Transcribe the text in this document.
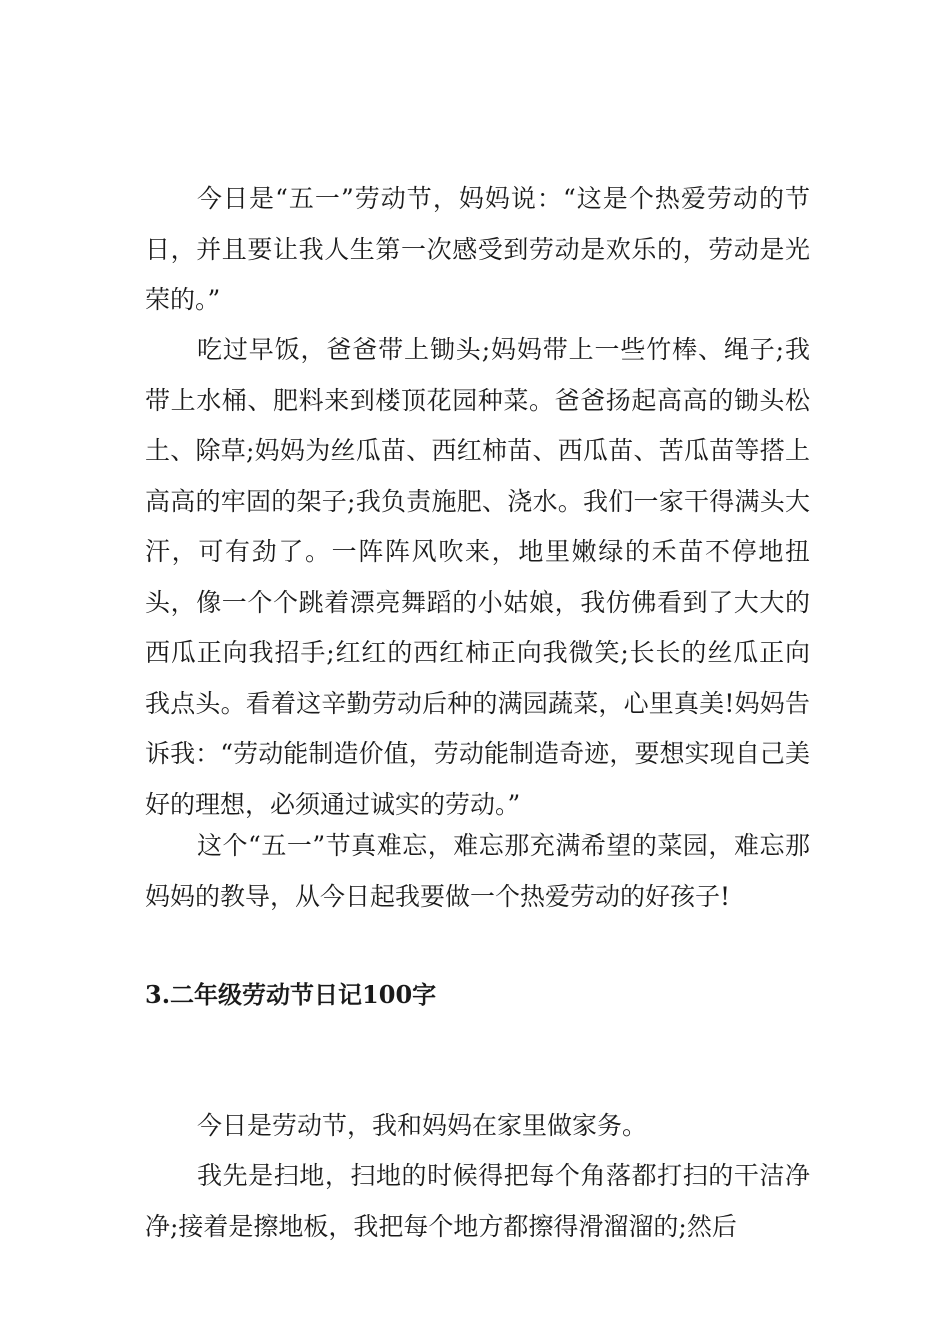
今日是“五一”劳动节，妈妈说：“这是个热爱劳动的节日，并且要让我人生第一次感受到劳动是欢乐的，劳动是光荣的。”

吃过早饭，爸爸带上锄头;妈妈带上一些竹棒、绳子;我带上水桶、肥料来到楼顶花园种菜。爸爸扬起高高的锄头松土、除草;妈妈为丝瓜苗、西红柿苗、西瓜苗、苦瓜苗等搭上高高的牢固的架子;我负责施肥、浇水。我们一家干得满头大汗，可有劲了。一阵阵风吹来，地里嫩绿的禾苗不停地扭头，像一个个跳着漂亮舞蹈的小姑娘，我仿佛看到了大大的西瓜正向我招手;红红的西红柿正向我微笑;长长的丝瓜正向我点头。看着这辛勤劳动后种的满园蔬菜，心里真美!妈妈告诉我：“劳动能制造价值，劳动能制造奇迹，要想实现自己美好的理想，必须通过诚实的劳动。”

这个“五一”节真难忘，难忘那充满希望的菜园，难忘那妈妈的教导，从今日起我要做一个热爱劳动的好孩子!

3.二年级劳动节日记100字

今日是劳动节，我和妈妈在家里做家务。

我先是扫地，扫地的时候得把每个角落都打扫的干洁净净;接着是擦地板，我把每个地方都擦得滑溜溜的;然后
